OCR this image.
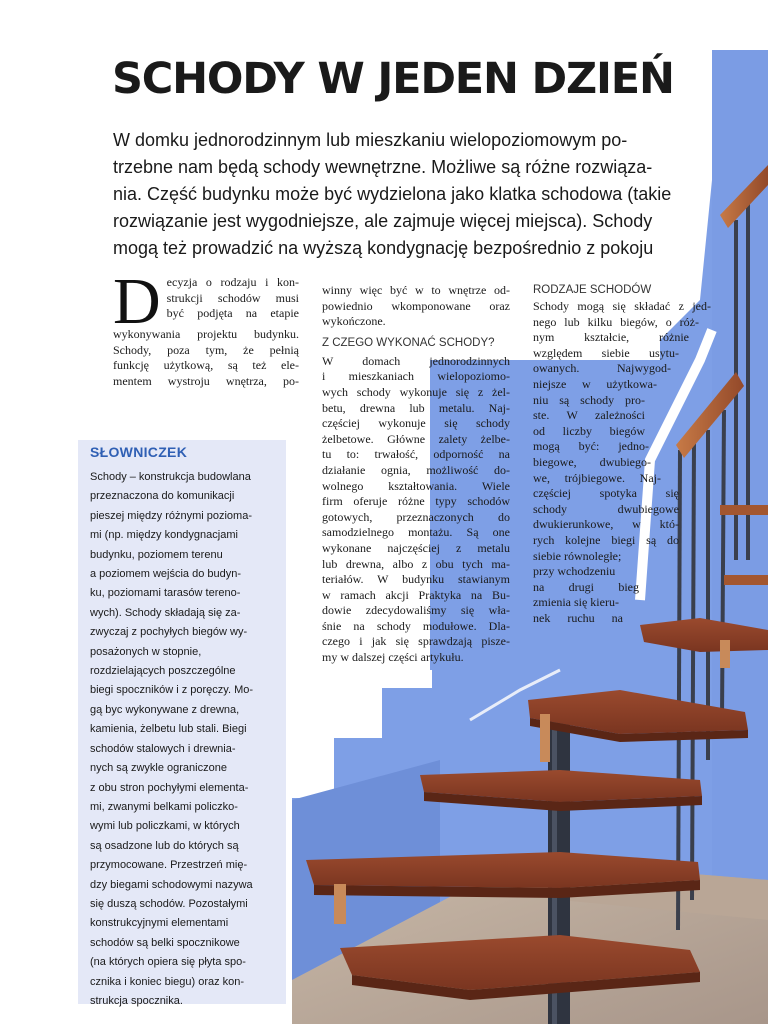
SCHODY W JEDEN DZIEŃ

W domku jednorodzinnym lub mieszkaniu wielopoziomowym po-
trzebne nam będą schody wewnętrzne. Możliwe są różne rozwiąza-
nia. Część budynku może być wydzielona jako klatka schodowa (takie
rozwiązanie jest wygodniejsze, ale zajmuje więcej miejsca). Schody
mogą też prowadzić na wyższą kondygnację bezpośrednio z pokoju

D ecyzja o rodzaju i kon-
strukcji schodów musi
być podjęta na etapie
wykonywania projektu budynku.
Schody, poza tym, że pełnią
funkcję użytkową, są też ele-
mentem wystroju wnętrza, po-
winny więc być w to wnętrze od-
powiednio wkomponowane oraz
wykończone.
Z CZEGO WYKONAĆ SCHODY?
W domach jednorodzinnych
i mieszkaniach wielopoziomo-
wych schody wykonuje się z żel-
betu, drewna lub metalu. Naj-
częściej wykonuje się schody
żelbetowe. Główne zalety żelbe-
tu to: trwałość, odporność na
działanie ognia, możliwość do-
wolnego kształtowania. Wiele
firm oferuje różne typy schodów
gotowych, przeznaczonych do
samodzielnego montażu. Są one
wykonane najczęściej z metalu
lub drewna, albo z obu tych ma-
teriałów. W budynku stawianym
w ramach akcji Praktyka na Bu-
dowie zdecydowaliśmy się wła-
śnie na schody modułowe. Dla-
czego i jak się sprawdzają pisze-
my w dalszej części artykułu.
RODZAJE SCHODÓW
Schody mogą się składać z jed-
nego lub kilku biegów, o róż-
nym kształcie, różnie
względem siebie usytu-
owanych. Najwygod-
niejsze w użytkowa-
niu są schody pro-
ste. W zależności
od liczby biegów
mogą być: jedno-
biegowe, dwubiego-
we, trójbiegowe. Naj-
częściej spotyka się
schody dwubiegowe
dwukierunkowe, w któ-
rych kolejne biegi są do
siebie równoległe;
przy wchodzeniu
na drugi bieg
zmienia się kieru-
nek ruchu na
SŁOWNICZEK
Schody – konstrukcja budowlana
przeznaczona do komunikacji
pieszej między różnymi pozioma-
mi (np. między kondygnacjami
budynku, poziomem terenu
a poziomem wejścia do budyn-
ku, poziomami tarasów tereno-
wych). Schody składają się za-
zwyczaj z pochyłych biegów wy-
posażonych w stopnie,
rozdzielających poszczególne
biegi spoczników i z poręczy. Mo-
gą byc wykonywane z drewna,
kamienia, żelbetu lub stali. Biegi
schodów stalowych i drewnia-
nych są zwykle ograniczone
z obu stron pochyłymi elementa-
mi, zwanymi belkami policzko-
wymi lub policzkami, w których
są osadzone lub do których są
przymocowane. Przestrzeń mię-
dzy biegami schodowymi nazywa
się duszą schodów. Pozostałymi
konstrukcyjnymi elementami
schodów są belki spocznikowe
(na których opiera się płyta spo-
cznika i koniec biegu) oraz kon-
strukcja spocznika.
